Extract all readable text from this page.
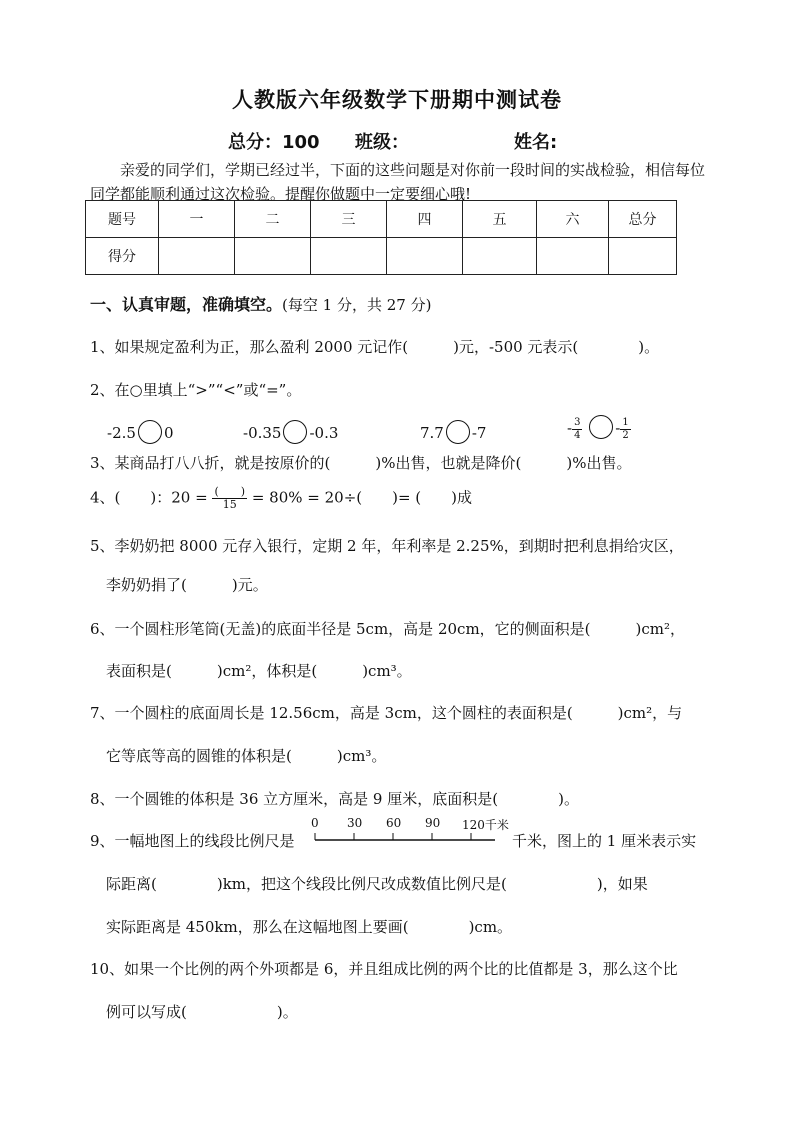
人教版六年级数学下册期中测试卷
总分：100 班级：	姓名:
亲爱的同学们，学期已经过半，下面的这些问题是对你前一段时间的实战检验，相信每位同学都能顺利通过这次检验。提醒你做题中一定要细心哦!
题号	一	二	三	四	五	六	总分
得分							
一、认真审题，准确填空。(每空 1 分，共 27 分)
1、如果规定盈利为正，那么盈利 2000 元记作(　　　)元，-500 元表示(　　　　)。
2、在○里填上“>”“<”或“=”。
-2.5 0	-0.35 -0.3	7.7 -7	- $\frac{3}{4} - \frac{1}{2}$
3、某商品打八八折，就是按原价的(　　　)%出售，也就是降价(　　　)%出售。
4、(　　)：$20 = \frac{( )}{15} = 80\% = 20\div$(　　)= (　　)成
5、李奶奶把 8000 元存入银行，定期 2 年，年利率是 2.25%，到期时把利息捐给灾区，
李奶奶捐了(　　　)元。
6、一个圆柱形笔筒(无盖)的底面半径是 5cm，高是 20cm，它的侧面积是(　　　)cm²，
表面积是(　　　)cm²，体积是(　　　)cm³。
7、一个圆柱的底面周长是 12.56cm，高是 3cm，这个圆柱的表面积是(　　　)cm²，与
它等底等高的圆锥的体积是(　　　)cm³。
8、一个圆锥的体积是 36 立方厘米，高是 9 厘米，底面积是(　　　　)。
9、一幅地图上的线段比例尺是
0 30 60 90 120千米
千米，图上的 1 厘米表示实
际距离(　　　　)km，把这个线段比例尺改成数值比例尺是(　　　　　　)，如果
实际距离是 450km，那么在这幅地图上要画(　　　　)cm。
10、如果一个比例的两个外项都是 6，并且组成比例的两个比的比值都是 3，那么这个比
例可以写成(　　　　　　)。
